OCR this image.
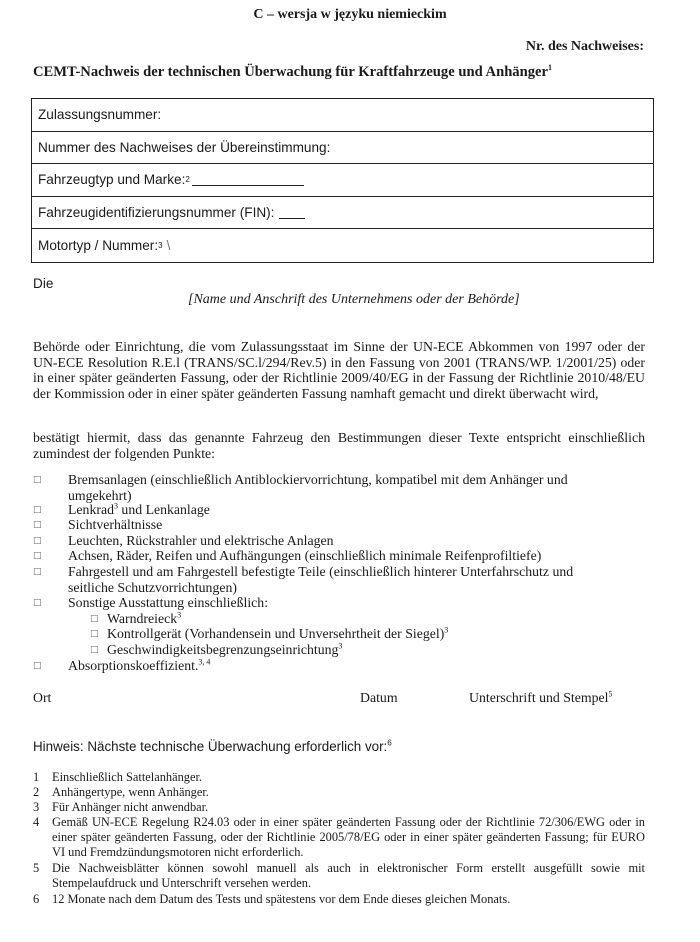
C – wersja w języku niemieckim
Nr. des Nachweises:
CEMT-Nachweis der technischen Überwachung für Kraftfahrzeuge und Anhänger$^1$
Zulassungsnummer:
Nummer des Nachweises der Übereinstimmung:
Fahrzeugtyp und Marke: 2
Fahrzeugidentifizierungsnummer (FIN):
Motortyp / Nummer: 3 \
Die
[Name und Anschrift des Unternehmens oder der Behörde]
Behörde oder Einrichtung, die vom Zulassungsstaat im Sinne der UN-ECE Abkommen von 1997 oder der UN-ECE Resolution R.E.l (TRANS/SC.l/294/Rev.5) in den Fassung von 2001 (TRANS/WP. 1/2001/25) oder in einer später geänderten Fassung, oder der Richtlinie 2009/40/EG in der Fassung der Richtlinie 2010/48/EU der Kommission oder in einer später geänderten Fassung namhaft gemacht und direkt überwacht wird,
bestätigt hiermit, dass das genannte Fahrzeug den Bestimmungen dieser Texte entspricht einschließlich zumindest der folgenden Punkte:
□ Bremsanlagen (einschließlich Antiblockiervorrichtung, kompatibel mit dem Anhänger und umgekehrt)
□ Lenkrad$^3$ und Lenkanlage
□ Sichtverhältnisse
□ Leuchten, Rückstrahler und elektrische Anlagen
□ Achsen, Räder, Reifen und Aufhängungen (einschließlich minimale Reifenprofiltiefe)
□ Fahrgestell und am Fahrgestell befestigte Teile (einschließlich hinterer Unterfahrschutz und seitliche Schutzvorrichtungen)
□ Sonstige Ausstattung einschließlich:
□ Warndreieck$^3$
□ Kontrollgerät (Vorhandensein und Unversehrtheit der Siegel)$^3$
□ Geschwindigkeitsbegrenzungseinrichtung$^3$
□ Absorptionskoeffizient.$^{3, 4}$
Ort	Datum	Unterschrift und Stempel$^5$
Hinweis: Nächste technische Überwachung erforderlich vor:$^6$
1 Einschließlich Sattelanhänger.
2 Anhängertype, wenn Anhänger.
3 Für Anhänger nicht anwendbar.
4 Gemäß UN-ECE Regelung R24.03 oder in einer später geänderten Fassung oder der Richtlinie 72/306/EWG oder in einer später geänderten Fassung, oder der Richtlinie 2005/78/EG oder in einer später geänderten Fassung; für EURO VI und Fremdzündungsmotoren nicht erforderlich.
5 Die Nachweisblätter können sowohl manuell als auch in elektronischer Form erstellt ausgefüllt sowie mit Stempelaufdruck und Unterschrift versehen werden.
6 12 Monate nach dem Datum des Tests und spätestens vor dem Ende dieses gleichen Monats.
